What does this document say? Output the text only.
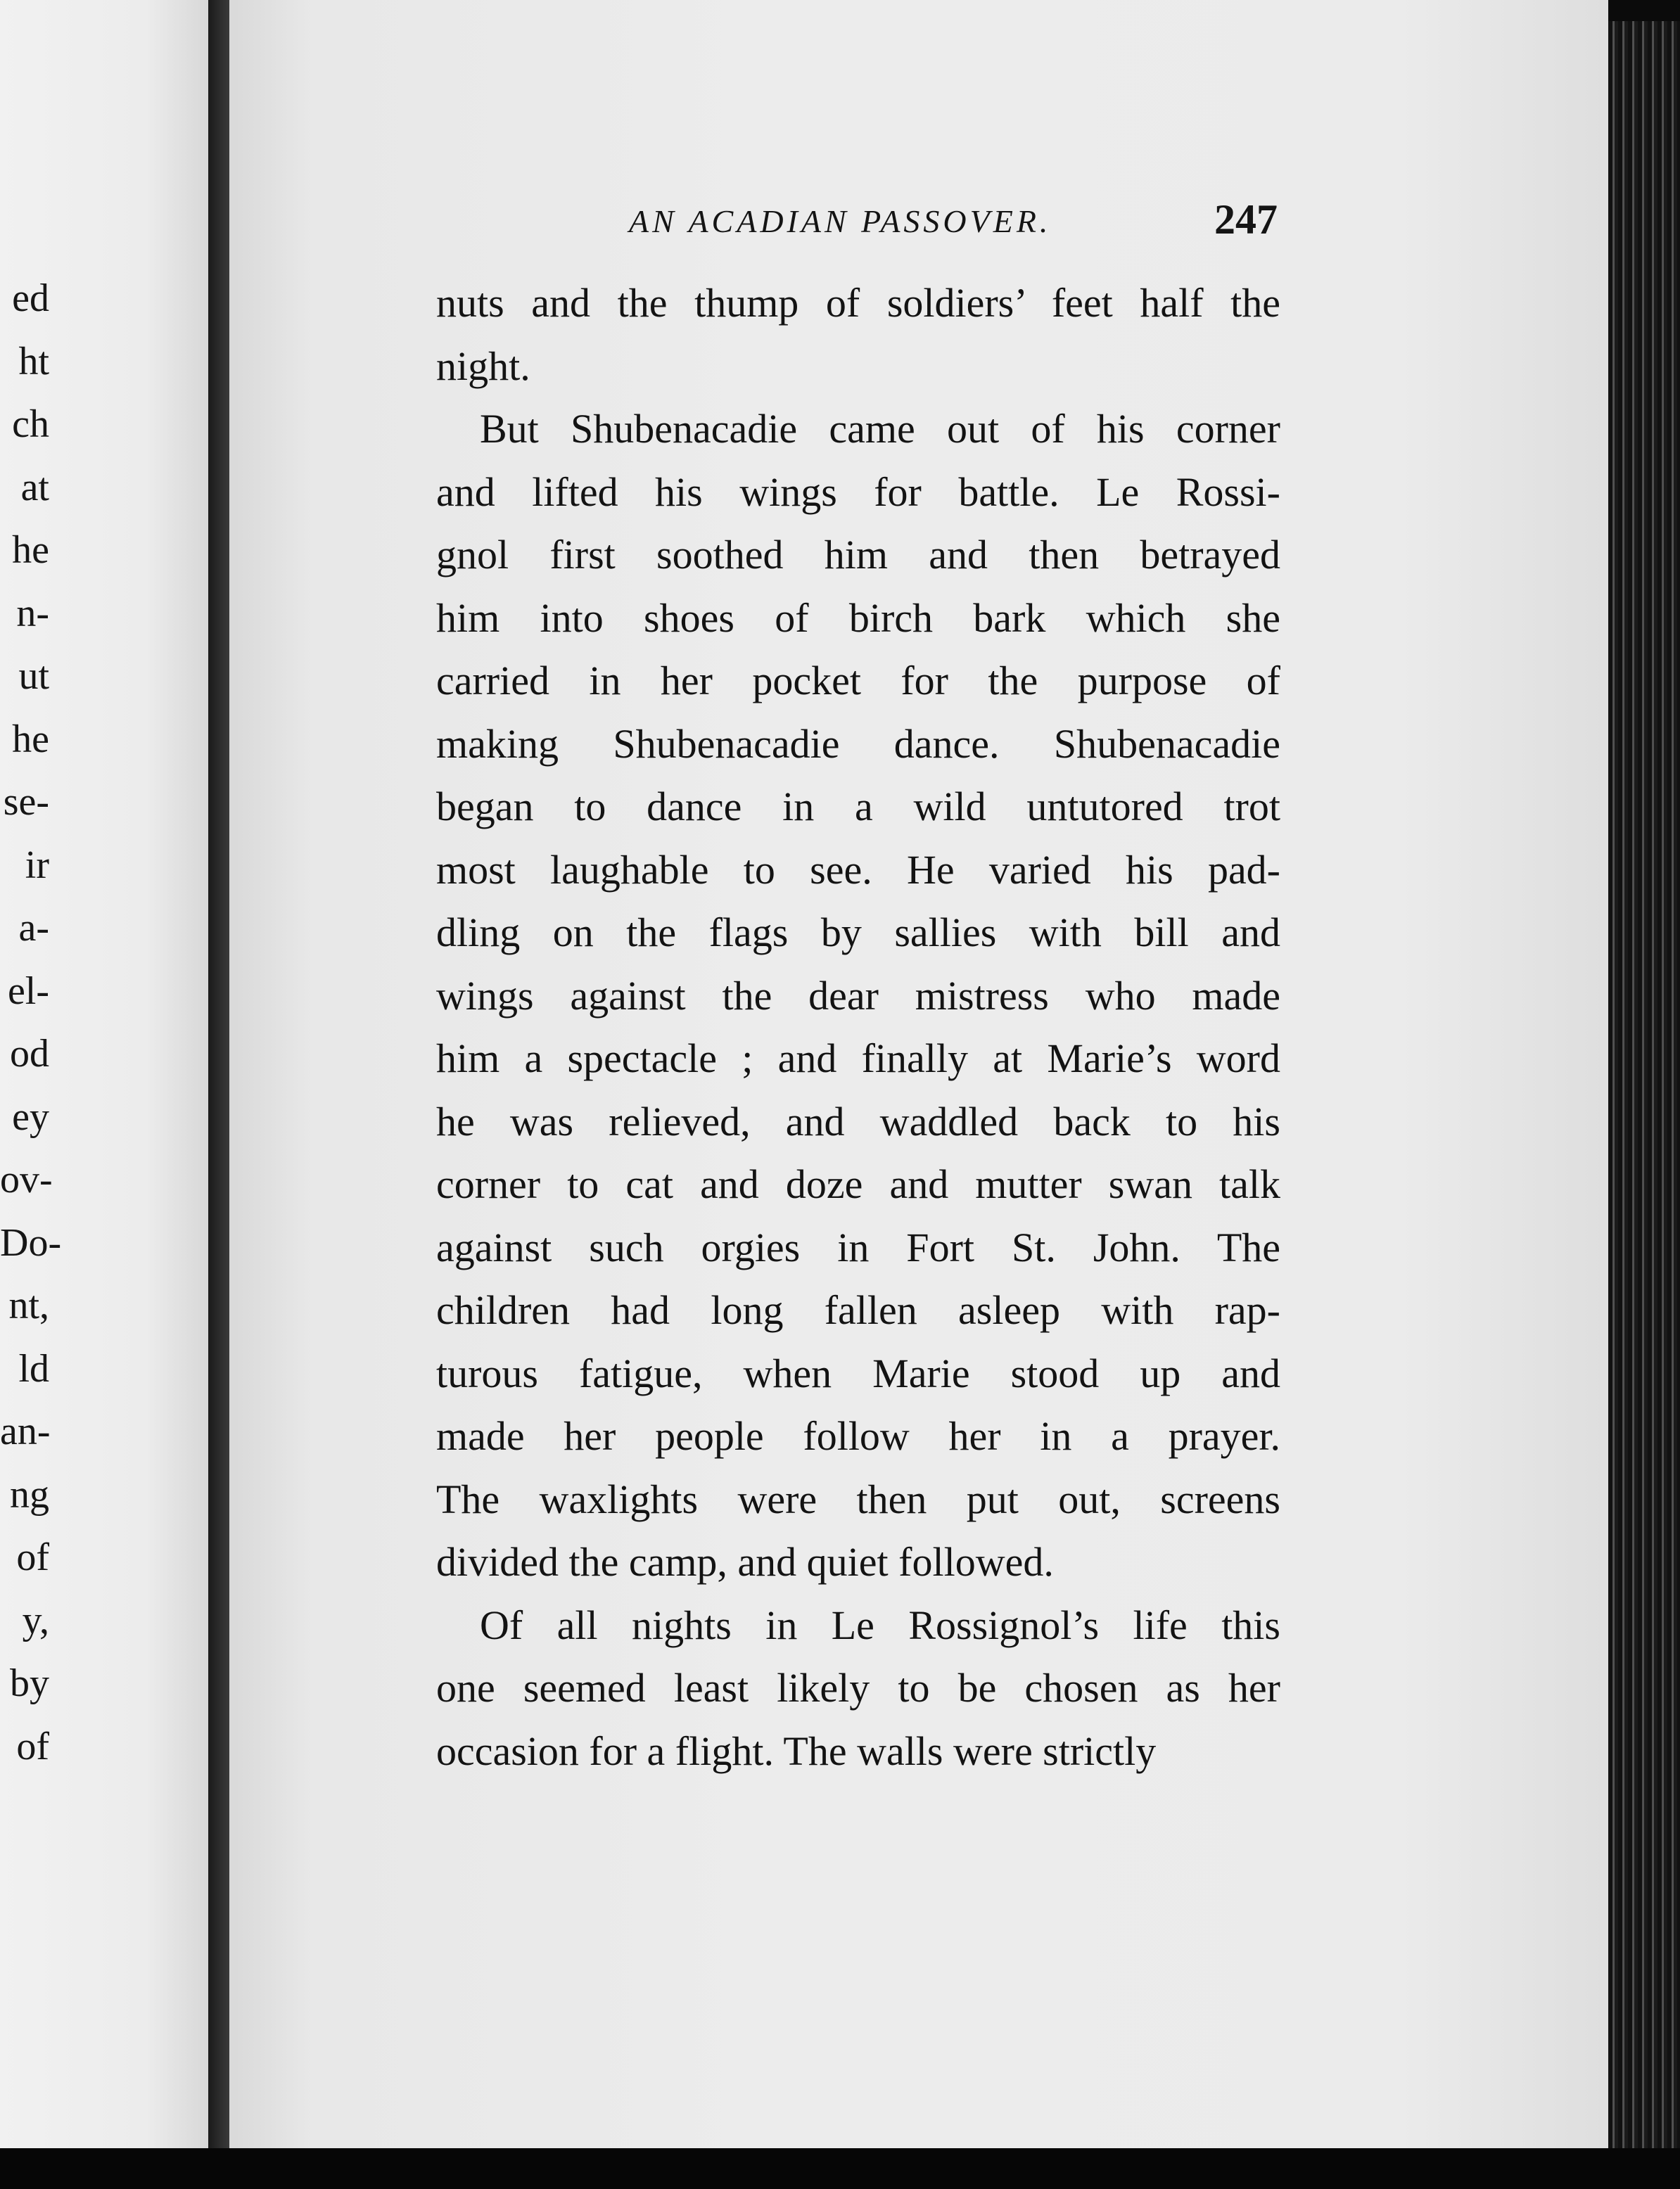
ed
ht
ch
at
he
n-
ut
he
se-
ir
a-
el-
od
ey
ov-
Do-
nt,
ld
an-
ng
of
y,
by
of
AN ACADIAN PASSOVER.	247
nuts and the thump of soldiers’ feet half the
night.
But Shubenacadie came out of his corner
and lifted his wings for battle. Le Rossi-
gnol first soothed him and then betrayed
him into shoes of birch bark which she
carried in her pocket for the purpose of
making Shubenacadie dance. Shubenacadie
began to dance in a wild untutored trot
most laughable to see. He varied his pad-
dling on the flags by sallies with bill and
wings against the dear mistress who made
him a spectacle ; and finally at Marie’s word
he was relieved, and waddled back to his
corner to cat and doze and mutter swan talk
against such orgies in Fort St. John. The
children had long fallen asleep with rap-
turous fatigue, when Marie stood up and
made her people follow her in a prayer.
The waxlights were then put out, screens
divided the camp, and quiet followed.
Of all nights in Le Rossignol’s life this
one seemed least likely to be chosen as her
occasion for a flight. The walls were strictly
